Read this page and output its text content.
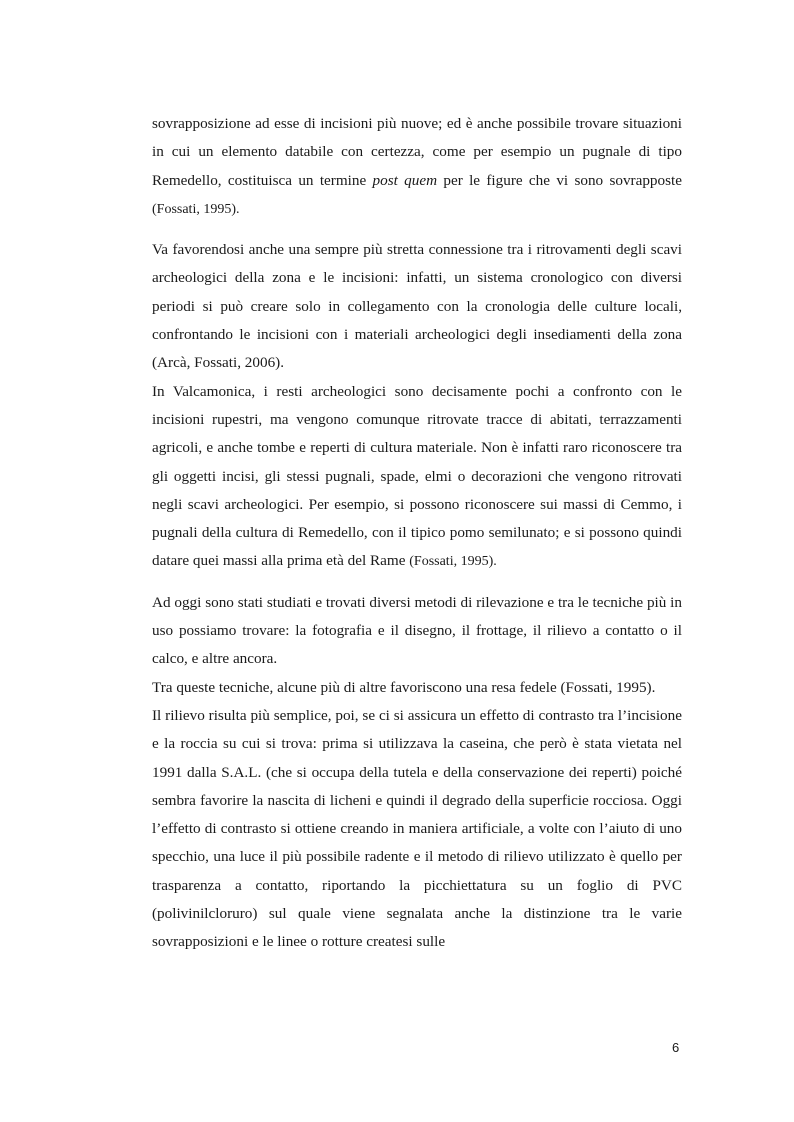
sovrapposizione ad esse di incisioni più nuove; ed è anche possibile trovare situazioni in cui un elemento databile con certezza, come per esempio un pugnale di tipo Remedello, costituisca un termine post quem per le figure che vi sono sovrapposte (Fossati, 1995).

Va favorendosi anche una sempre più stretta connessione tra i ritrovamenti degli scavi archeologici della zona e le incisioni: infatti, un sistema cronologico con diversi periodi si può creare solo in collegamento con la cronologia delle culture locali, confrontando le incisioni con i materiali archeologici degli insediamenti della zona (Arcà, Fossati, 2006).

In Valcamonica, i resti archeologici sono decisamente pochi a confronto con le incisioni rupestri, ma vengono comunque ritrovate tracce di abitati, terrazzamenti agricoli, e anche tombe e reperti di cultura materiale. Non è infatti raro riconoscere tra gli oggetti incisi, gli stessi pugnali, spade, elmi o decorazioni che vengono ritrovati negli scavi archeologici. Per esempio, si possono riconoscere sui massi di Cemmo, i pugnali della cultura di Remedello, con il tipico pomo semilunato; e si possono quindi datare quei massi alla prima età del Rame (Fossati, 1995).

Ad oggi sono stati studiati e trovati diversi metodi di rilevazione e tra le tecniche più in uso possiamo trovare: la fotografia e il disegno, il frottage, il rilievo a contatto o il calco, e altre ancora.

Tra queste tecniche, alcune più di altre favoriscono una resa fedele (Fossati, 1995).

Il rilievo risulta più semplice, poi, se ci si assicura un effetto di contrasto tra l’incisione e la roccia su cui si trova: prima si utilizzava la caseina, che però è stata vietata nel 1991 dalla S.A.L. (che si occupa della tutela e della conservazione dei reperti) poiché sembra favorire la nascita di licheni e quindi il degrado della superficie rocciosa. Oggi l’effetto di contrasto si ottiene creando in maniera artificiale, a volte con l’aiuto di uno specchio, una luce il più possibile radente e il metodo di rilievo utilizzato è quello per trasparenza a contatto, riportando la picchiettatura su un foglio di PVC (polivinilcloruro) sul quale viene segnalata anche la distinzione tra le varie sovrapposizioni e le linee o rotture createsi sulle

6
